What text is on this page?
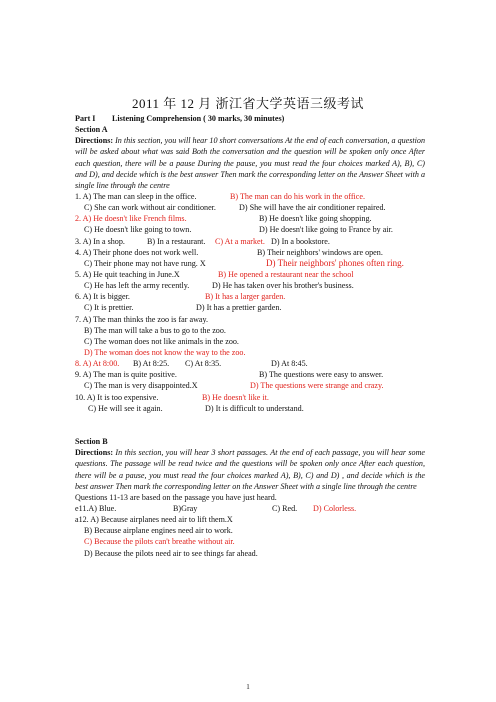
2011 年 12 月 浙江省大学英语三级考试
Part I Listening Comprehension ( 30 marks, 30 minutes)
Section A
Directions: In this section, you will hear 10 short conversations At the end of each conversation, a question will be asked about what was said Both the conversation and the question will be spoken only once After each question, there will be a pause During the pause, you must read the four choices marked A), B), C) and D), and decide which is the best answer Then mark the corresponding letter on the Answer Sheet with a single line through the centre
1. A) The man can sleep in the office.	B) The man can do his work in the office.
C) She can work without air conditioner.	D) She will have the air conditioner repaired.
2. A) He doesn't like French films.	B) He doesn't like going shopping.
C) He doesn't like going to town.	D) He doesn't like going to France by air.
3. A) In a shop.	B) In a restaurant. C) At a market. D) In a bookstore.
4. A) Their phone does not work well.	B) Their neighbors' windows are open.
C) Their phone may not have rung. X	D) Their neighbors' phones often ring.
5. A) He quit teaching in June.X	B) He opened a restaurant near the school
C) He has left the army recently.	D) He has taken over his brother's business.
6. A) It is bigger.	B) It has a larger garden.
C) It is prettier.	D) It has a prettier garden.
7. A) The man thinks the zoo is far away.
B) The man will take a bus to go to the zoo.
C) The woman does not like animals in the zoo.
D) The woman does not know the way to the zoo.
8. A) At 8:00. B) At 8:25. C) At 8:35.	D) At 8:45.
9. A) The man is quite positive.	B) The questions were easy to answer.
C) The man is very disappointed.X	D) The questions were strange and crazy.
10. A) It is too expensive.	B) He doesn't like it.
C) He will see it again.	D) It is difficult to understand.
Section B
Directions: In this section, you will hear 3 short passages. At the end of each passage, you will hear some questions. The passage will be read twice and the questions will be spoken only once After each question, there will be a pause, you must read the four choices marked A), B), C) and D) , and decide which is the best answer Then mark the corresponding letter on the Answer Sheet with a single line through the centre
Questions 11-13 are based on the passage you have just heard.
e11.A) Blue.	B)Gray	C) Red. D) Colorless.
a12. A) Because airplanes need air to lift them.X
B) Because airplane engines need air to work.
C) Because the pilots can't breathe without air.
D) Because the pilots need air to see things far ahead.
1
